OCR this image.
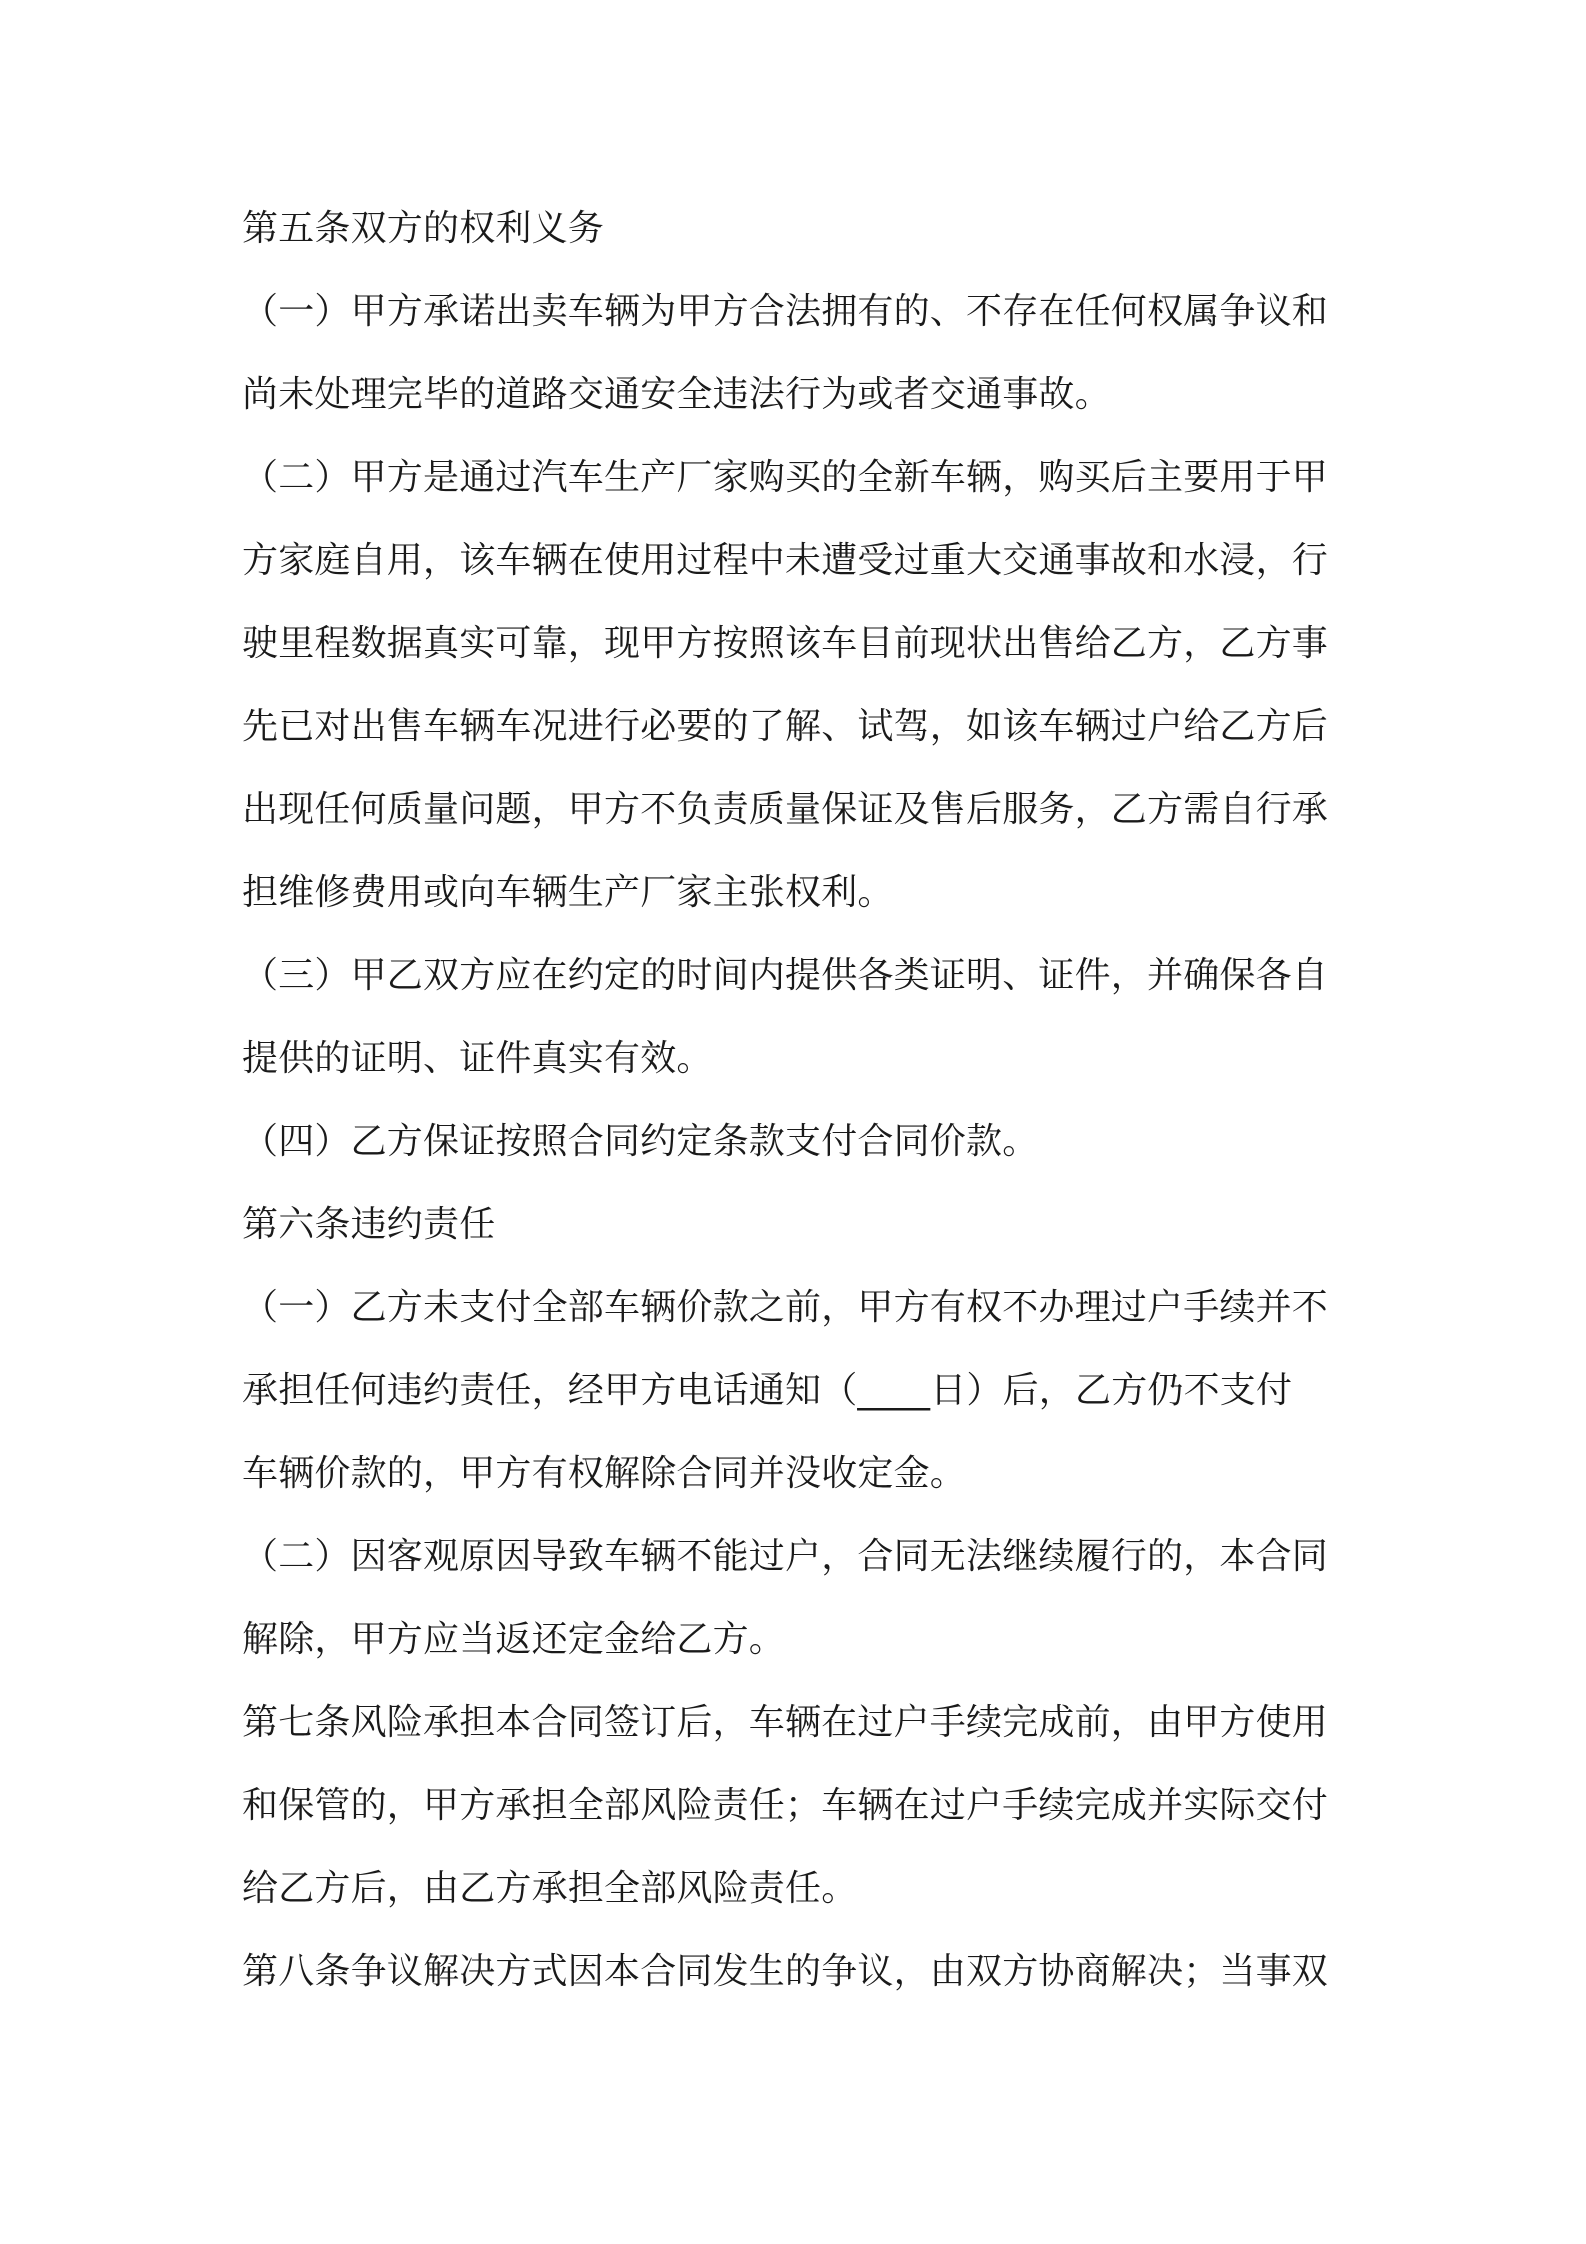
第五条双方的权利义务

（一）甲方承诺出卖车辆为甲方合法拥有的、不存在任何权属争议和

尚未处理完毕的道路交通安全违法行为或者交通事故。

（二）甲方是通过汽车生产厂家购买的全新车辆，购买后主要用于甲

方家庭自用，该车辆在使用过程中未遭受过重大交通事故和水浸，行

驶里程数据真实可靠，现甲方按照该车目前现状出售给乙方，乙方事

先已对出售车辆车况进行必要的了解、试驾，如该车辆过户给乙方后

出现任何质量问题，甲方不负责质量保证及售后服务，乙方需自行承

担维修费用或向车辆生产厂家主张权利。

（三）甲乙双方应在约定的时间内提供各类证明、证件，并确保各自

提供的证明、证件真实有效。

（四）乙方保证按照合同约定条款支付合同价款。

第六条违约责任

（一）乙方未支付全部车辆价款之前，甲方有权不办理过户手续并不

承担任何违约责任，经甲方电话通知（____日）后，乙方仍不支付

车辆价款的，甲方有权解除合同并没收定金。

（二）因客观原因导致车辆不能过户，合同无法继续履行的，本合同

解除，甲方应当返还定金给乙方。

第七条风险承担本合同签订后，车辆在过户手续完成前，由甲方使用

和保管的，甲方承担全部风险责任；车辆在过户手续完成并实际交付

给乙方后，由乙方承担全部风险责任。

第八条争议解决方式因本合同发生的争议，由双方协商解决；当事双
